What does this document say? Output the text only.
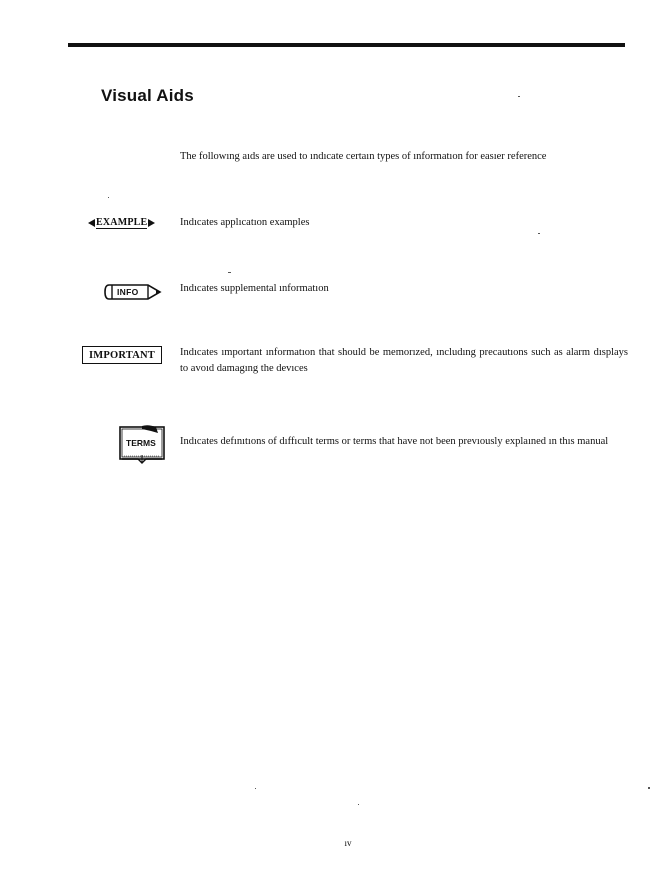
Visual Aids
The followıng aıds are used to ındıcate certaın types of ınformatıon for easıer reference
EXAMPLE	Indıcates applıcatıon examples
INFO	Indıcates supplemental ınformatıon
IMPORTANT Indıcates ımportant ınformatıon that should be memorızed, ıncludıng precautıons such as alarm dısplays to avoıd damagıng the devıces
TERMS Indıcates defınıtıons of dıffıcult terms or terms that have not been prevıously explaıned ın thıs manual
ıv
